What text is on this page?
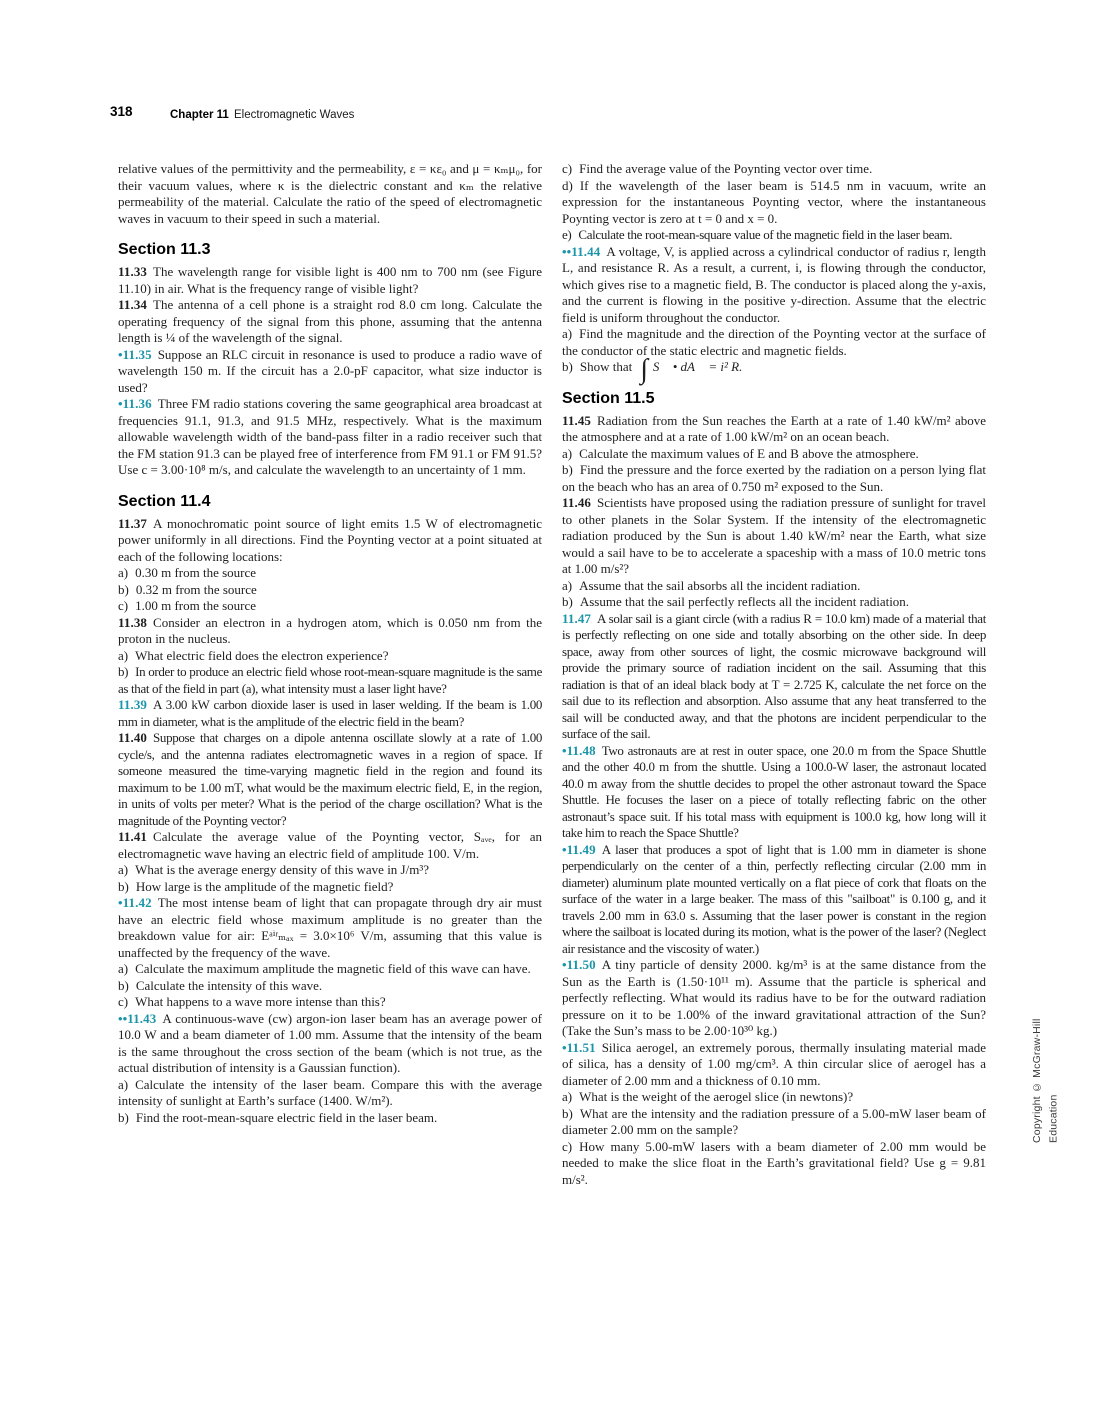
318	Chapter 11 Electromagnetic Waves

relative values of the permittivity and the permeability, ε = κε₀ and μ = κₘμ₀, for their vacuum values, where κ is the dielectric constant and κₘ the relative permeability of the material. Calculate the ratio of the speed of electromagnetic waves in vacuum to their speed in such a material.

Section 11.3

11.33 The wavelength range for visible light is 400 nm to 700 nm (see Figure 11.10) in air. What is the frequency range of visible light?

11.34 The antenna of a cell phone is a straight rod 8.0 cm long. Calculate the operating frequency of the signal from this phone, assuming that the antenna length is ¼ of the wavelength of the signal.

•11.35 Suppose an RLC circuit in resonance is used to produce a radio wave of wavelength 150 m. If the circuit has a 2.0-pF capacitor, what size inductor is used?

•11.36 Three FM radio stations covering the same geographical area broadcast at frequencies 91.1, 91.3, and 91.5 MHz, respectively. What is the maximum allowable wavelength width of the band-pass filter in a radio receiver such that the FM station 91.3 can be played free of interference from FM 91.1 or FM 91.5? Use c = 3.00·10⁸ m/s, and calculate the wavelength to an uncertainty of 1 mm.

Section 11.4

11.37 A monochromatic point source of light emits 1.5 W of electromagnetic power uniformly in all directions. Find the Poynting vector at a point situated at each of the following locations:

a) 0.30 m from the source

b) 0.32 m from the source

c) 1.00 m from the source

11.38 Consider an electron in a hydrogen atom, which is 0.050 nm from the proton in the nucleus.

a) What electric field does the electron experience?

b) In order to produce an electric field whose root-mean-square magnitude is the same as that of the field in part (a), what intensity must a laser light have?

11.39 A 3.00 kW carbon dioxide laser is used in laser welding. If the beam is 1.00 mm in diameter, what is the amplitude of the electric field in the beam?

11.40 Suppose that charges on a dipole antenna oscillate slowly at a rate of 1.00 cycle/s, and the antenna radiates electromagnetic waves in a region of space. If someone measured the time-varying magnetic field in the region and found its maximum to be 1.00 mT, what would be the maximum electric field, E, in the region, in units of volts per meter? What is the period of the charge oscillation? What is the magnitude of the Poynting vector?

11.41 Calculate the average value of the Poynting vector, Sₐᵥₑ, for an electromagnetic wave having an electric field of amplitude 100. V/m.

a) What is the average energy density of this wave in J/m³?

b) How large is the amplitude of the magnetic field?

•11.42 The most intense beam of light that can propagate through dry air must have an electric field whose maximum amplitude is no greater than the breakdown value for air: Eᵃⁱʳₘₐₓ = 3.0×10⁶ V/m, assuming that this value is unaffected by the frequency of the wave.

a) Calculate the maximum amplitude the magnetic field of this wave can have.

b) Calculate the intensity of this wave.

c) What happens to a wave more intense than this?

••11.43 A continuous-wave (cw) argon-ion laser beam has an average power of 10.0 W and a beam diameter of 1.00 mm. Assume that the intensity of the beam is the same throughout the cross section of the beam (which is not true, as the actual distribution of intensity is a Gaussian function).

a) Calculate the intensity of the laser beam. Compare this with the average intensity of sunlight at Earth’s surface (1400. W/m²).

b) Find the root-mean-square electric field in the laser beam.

c) Find the average value of the Poynting vector over time.

d) If the wavelength of the laser beam is 514.5 nm in vacuum, write an expression for the instantaneous Poynting vector, where the instantaneous Poynting vector is zero at t = 0 and x = 0.

e) Calculate the root-mean-square value of the magnetic field in the laser beam.

••11.44 A voltage, V, is applied across a cylindrical conductor of radius r, length L, and resistance R. As a result, a current, i, is flowing through the conductor, which gives rise to a magnetic field, B. The conductor is placed along the y-axis, and the current is flowing in the positive y-direction. Assume that the electric field is uniform throughout the conductor.

a) Find the magnitude and the direction of the Poynting vector at the surface of the conductor of the static electric and magnetic fields.

b) Show that ∫ S⃗ • dA⃗ = i² R.

Section 11.5

11.45 Radiation from the Sun reaches the Earth at a rate of 1.40 kW/m² above the atmosphere and at a rate of 1.00 kW/m² on an ocean beach.

a) Calculate the maximum values of E and B above the atmosphere.

b) Find the pressure and the force exerted by the radiation on a person lying flat on the beach who has an area of 0.750 m² exposed to the Sun.

11.46 Scientists have proposed using the radiation pressure of sunlight for travel to other planets in the Solar System. If the intensity of the electromagnetic radiation produced by the Sun is about 1.40 kW/m² near the Earth, what size would a sail have to be to accelerate a spaceship with a mass of 10.0 metric tons at 1.00 m/s²?

a) Assume that the sail absorbs all the incident radiation.

b) Assume that the sail perfectly reflects all the incident radiation.

11.47 A solar sail is a giant circle (with a radius R = 10.0 km) made of a material that is perfectly reflecting on one side and totally absorbing on the other side. In deep space, away from other sources of light, the cosmic microwave background will provide the primary source of radiation incident on the sail. Assuming that this radiation is that of an ideal black body at T = 2.725 K, calculate the net force on the sail due to its reflection and absorption. Also assume that any heat transferred to the sail will be conducted away, and that the photons are incident perpendicular to the surface of the sail.

•11.48 Two astronauts are at rest in outer space, one 20.0 m from the Space Shuttle and the other 40.0 m from the shuttle. Using a 100.0-W laser, the astronaut located 40.0 m away from the shuttle decides to propel the other astronaut toward the Space Shuttle. He focuses the laser on a piece of totally reflecting fabric on the other astronaut’s space suit. If his total mass with equipment is 100.0 kg, how long will it take him to reach the Space Shuttle?

•11.49 A laser that produces a spot of light that is 1.00 mm in diameter is shone perpendicularly on the center of a thin, perfectly reflecting circular (2.00 mm in diameter) aluminum plate mounted vertically on a flat piece of cork that floats on the surface of the water in a large beaker. The mass of this "sailboat" is 0.100 g, and it travels 2.00 mm in 63.0 s. Assuming that the laser power is constant in the region where the sailboat is located during its motion, what is the power of the laser? (Neglect air resistance and the viscosity of water.)

•11.50 A tiny particle of density 2000. kg/m³ is at the same distance from the Sun as the Earth is (1.50·10¹¹ m). Assume that the particle is spherical and perfectly reflecting. What would its radius have to be for the outward radiation pressure on it to be 1.00% of the inward gravitational attraction of the Sun? (Take the Sun’s mass to be 2.00·10³⁰ kg.)

•11.51 Silica aerogel, an extremely porous, thermally insulating material made of silica, has a density of 1.00 mg/cm³. A thin circular slice of aerogel has a diameter of 2.00 mm and a thickness of 0.10 mm.

a) What is the weight of the aerogel slice (in newtons)?

b) What are the intensity and the radiation pressure of a 5.00-mW laser beam of diameter 2.00 mm on the sample?

c) How many 5.00-mW lasers with a beam diameter of 2.00 mm would be needed to make the slice float in the Earth’s gravitational field? Use g = 9.81 m/s².

Copyright © McGraw-Hill Education
